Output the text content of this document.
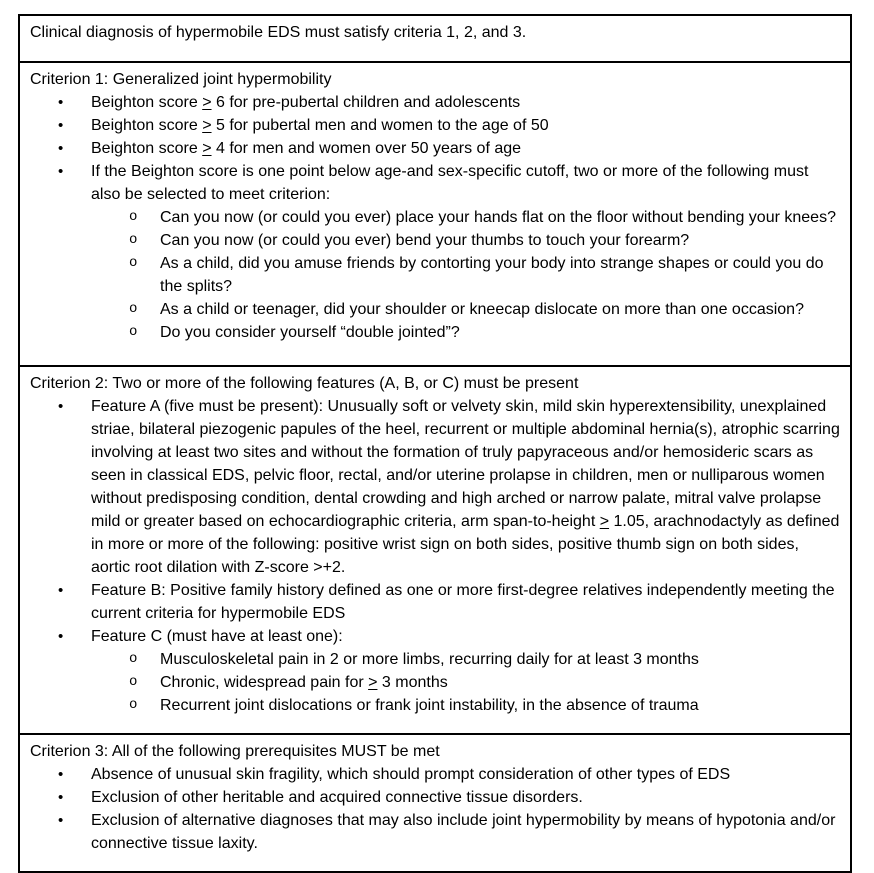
Clinical diagnosis of hypermobile EDS must satisfy criteria 1, 2, and 3.
Criterion 1: Generalized joint hypermobility
• Beighton score > 6 for pre-pubertal children and adolescents
• Beighton score > 5 for pubertal men and women to the age of 50
• Beighton score > 4 for men and women over 50 years of age
• If the Beighton score is one point below age-and sex-specific cutoff, two or more of the following must also be selected to meet criterion:
o Can you now (or could you ever) place your hands flat on the floor without bending your knees?
o Can you now (or could you ever) bend your thumbs to touch your forearm?
o As a child, did you amuse friends by contorting your body into strange shapes or could you do the splits?
o As a child or teenager, did your shoulder or kneecap dislocate on more than one occasion?
o Do you consider yourself “double jointed”?
Criterion 2: Two or more of the following features (A, B, or C) must be present
• Feature A (five must be present): Unusually soft or velvety skin, mild skin hyperextensibility, unexplained striae, bilateral piezogenic papules of the heel, recurrent or multiple abdominal hernia(s), atrophic scarring involving at least two sites and without the formation of truly papyraceous and/or hemosideric scars as seen in classical EDS, pelvic floor, rectal, and/or uterine prolapse in children, men or nulliparous women without predisposing condition, dental crowding and high arched or narrow palate, mitral valve prolapse mild or greater based on echocardiographic criteria, arm span-to-height > 1.05, arachnodactyly as defined in more or more of the following: positive wrist sign on both sides, positive thumb sign on both sides, aortic root dilation with Z-score >+2.
• Feature B: Positive family history defined as one or more first-degree relatives independently meeting the current criteria for hypermobile EDS
• Feature C (must have at least one):
o Musculoskeletal pain in 2 or more limbs, recurring daily for at least 3 months
o Chronic, widespread pain for > 3 months
o Recurrent joint dislocations or frank joint instability, in the absence of trauma
Criterion 3: All of the following prerequisites MUST be met
• Absence of unusual skin fragility, which should prompt consideration of other types of EDS
• Exclusion of other heritable and acquired connective tissue disorders.
• Exclusion of alternative diagnoses that may also include joint hypermobility by means of hypotonia and/or connective tissue laxity.
